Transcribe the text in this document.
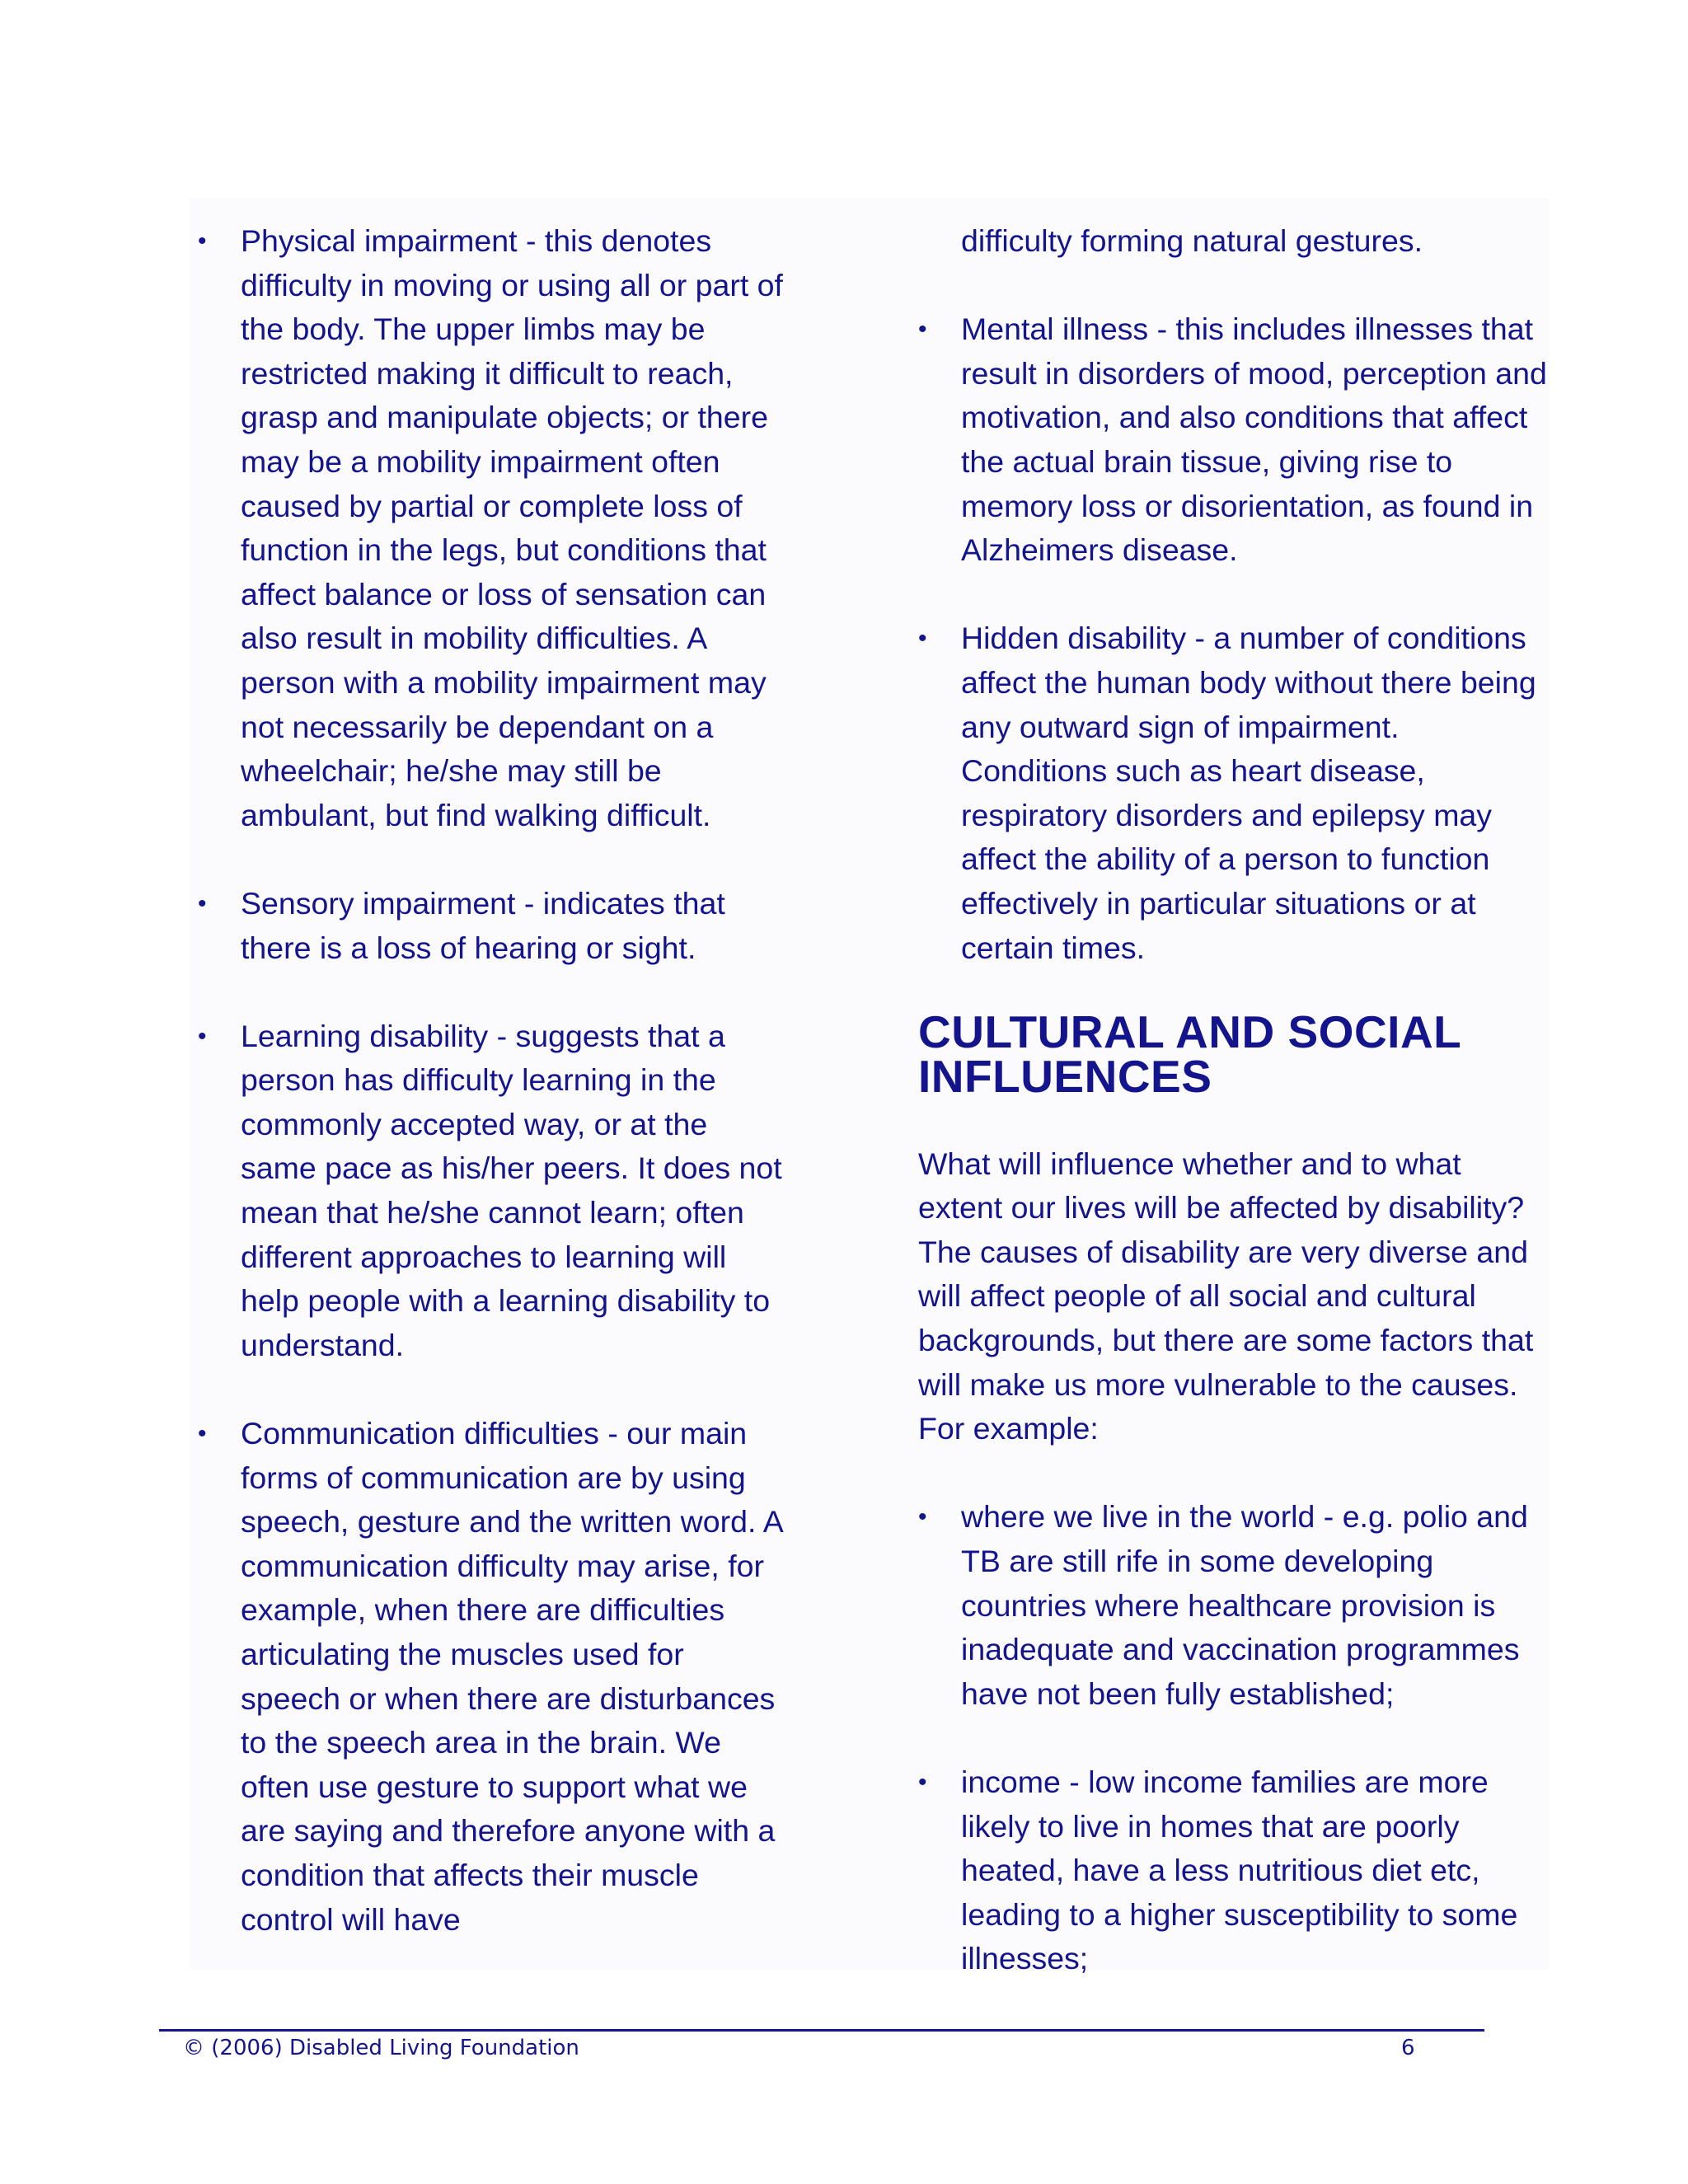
• Physical impairment - this denotes difficulty in moving or using all or part of the body. The upper limbs may be restricted making it difficult to reach, grasp and manipulate objects; or there may be a mobility impairment often caused by partial or complete loss of function in the legs, but conditions that affect balance or loss of sensation can also result in mobility difficulties. A person with a mobility impairment may not necessarily be dependant on a wheelchair; he/she may still be ambulant, but find walking difficult.
• Sensory impairment - indicates that there is a loss of hearing or sight.
• Learning disability - suggests that a person has difficulty learning in the commonly accepted way, or at the same pace as his/her peers. It does not mean that he/she cannot learn; often different approaches to learning will help people with a learning disability to understand.
• Communication difficulties - our main forms of communication are by using speech, gesture and the written word. A communication difficulty may arise, for example, when there are difficulties articulating the muscles used for speech or when there are disturbances to the speech area in the brain. We often use gesture to support what we are saying and therefore anyone with a condition that affects their muscle control will have
difficulty forming natural gestures.
• Mental illness - this includes illnesses that result in disorders of mood, perception and motivation, and also conditions that affect the actual brain tissue, giving rise to memory loss or disorientation, as found in Alzheimers disease.
• Hidden disability - a number of conditions affect the human body without there being any outward sign of impairment. Conditions such as heart disease, respiratory disorders and epilepsy may affect the ability of a person to function effectively in particular situations or at certain times.
CULTURAL AND SOCIAL INFLUENCES
What will influence whether and to what extent our lives will be affected by disability? The causes of disability are very diverse and will affect people of all social and cultural backgrounds, but there are some factors that will make us more vulnerable to the causes. For example:
• where we live in the world - e.g. polio and TB are still rife in some developing countries where healthcare provision is inadequate and vaccination programmes have not been fully established;
• income - low income families are more likely to live in homes that are poorly heated, have a less nutritious diet etc, leading to a higher susceptibility to some illnesses;
© (2006) Disabled Living Foundation	6
